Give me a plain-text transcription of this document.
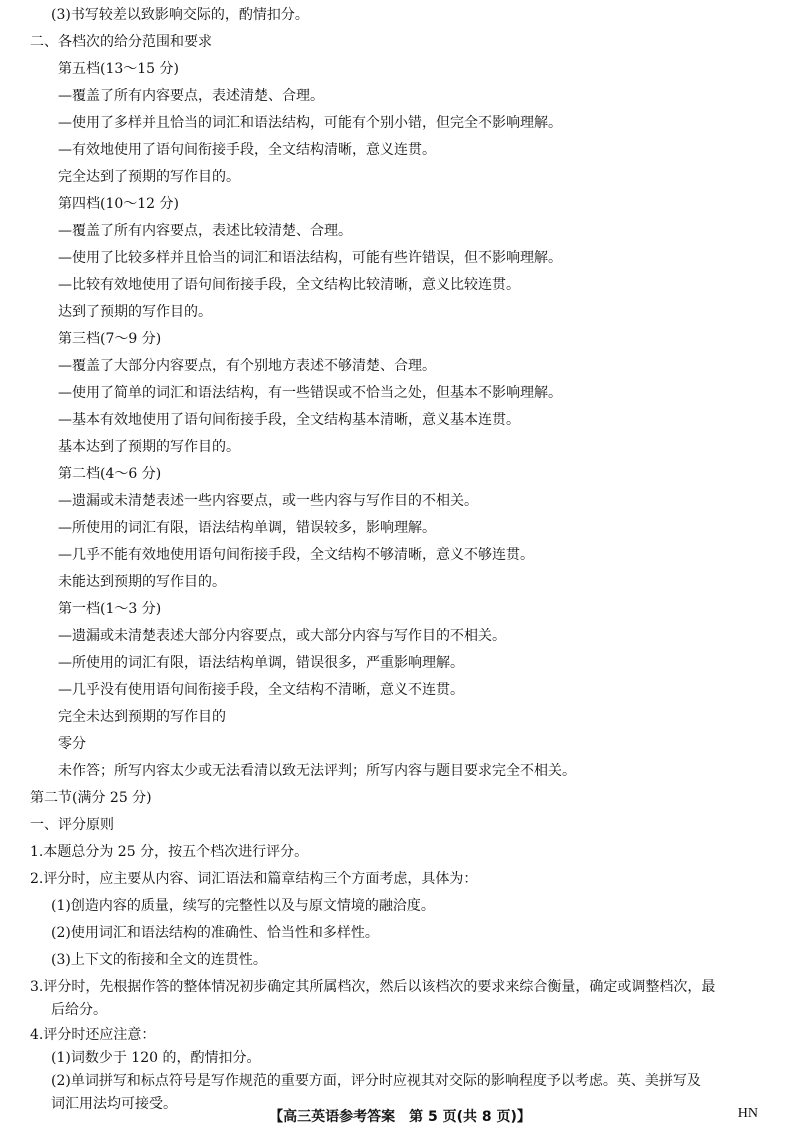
(3)书写较差以致影响交际的，酌情扣分。
二、各档次的给分范围和要求
第五档(13～15 分)
—覆盖了所有内容要点，表述清楚、合理。
—使用了多样并且恰当的词汇和语法结构，可能有个别小错，但完全不影响理解。
—有效地使用了语句间衔接手段，全文结构清晰，意义连贯。
完全达到了预期的写作目的。
第四档(10～12 分)
—覆盖了所有内容要点，表述比较清楚、合理。
—使用了比较多样并且恰当的词汇和语法结构，可能有些许错误，但不影响理解。
—比较有效地使用了语句间衔接手段，全文结构比较清晰，意义比较连贯。
达到了预期的写作目的。
第三档(7～9 分)
—覆盖了大部分内容要点，有个别地方表述不够清楚、合理。
—使用了简单的词汇和语法结构，有一些错误或不恰当之处，但基本不影响理解。
—基本有效地使用了语句间衔接手段，全文结构基本清晰，意义基本连贯。
基本达到了预期的写作目的。
第二档(4～6 分)
—遗漏或未清楚表述一些内容要点，或一些内容与写作目的不相关。
—所使用的词汇有限，语法结构单调，错误较多，影响理解。
—几乎不能有效地使用语句间衔接手段，全文结构不够清晰，意义不够连贯。
未能达到预期的写作目的。
第一档(1～3 分)
—遗漏或未清楚表述大部分内容要点，或大部分内容与写作目的不相关。
—所使用的词汇有限，语法结构单调，错误很多，严重影响理解。
—几乎没有使用语句间衔接手段，全文结构不清晰，意义不连贯。
完全未达到预期的写作目的
零分
未作答；所写内容太少或无法看清以致无法评判；所写内容与题目要求完全不相关。
第二节(满分 25 分)
一、评分原则
1.本题总分为 25 分，按五个档次进行评分。
2.评分时，应主要从内容、词汇语法和篇章结构三个方面考虑，具体为：
(1)创造内容的质量，续写的完整性以及与原文情境的融洽度。
(2)使用词汇和语法结构的准确性、恰当性和多样性。
(3)上下文的衔接和全文的连贯性。
3.评分时，先根据作答的整体情况初步确定其所属档次，然后以该档次的要求来综合衡量，确定或调整档次，最
后给分。
4.评分时还应注意：
(1)词数少于 120 的，酌情扣分。
(2)单词拼写和标点符号是写作规范的重要方面，评分时应视其对交际的影响程度予以考虑。英、美拼写及
词汇用法均可接受。
【高三英语参考答案　第 5 页(共 8 页)】	HN
